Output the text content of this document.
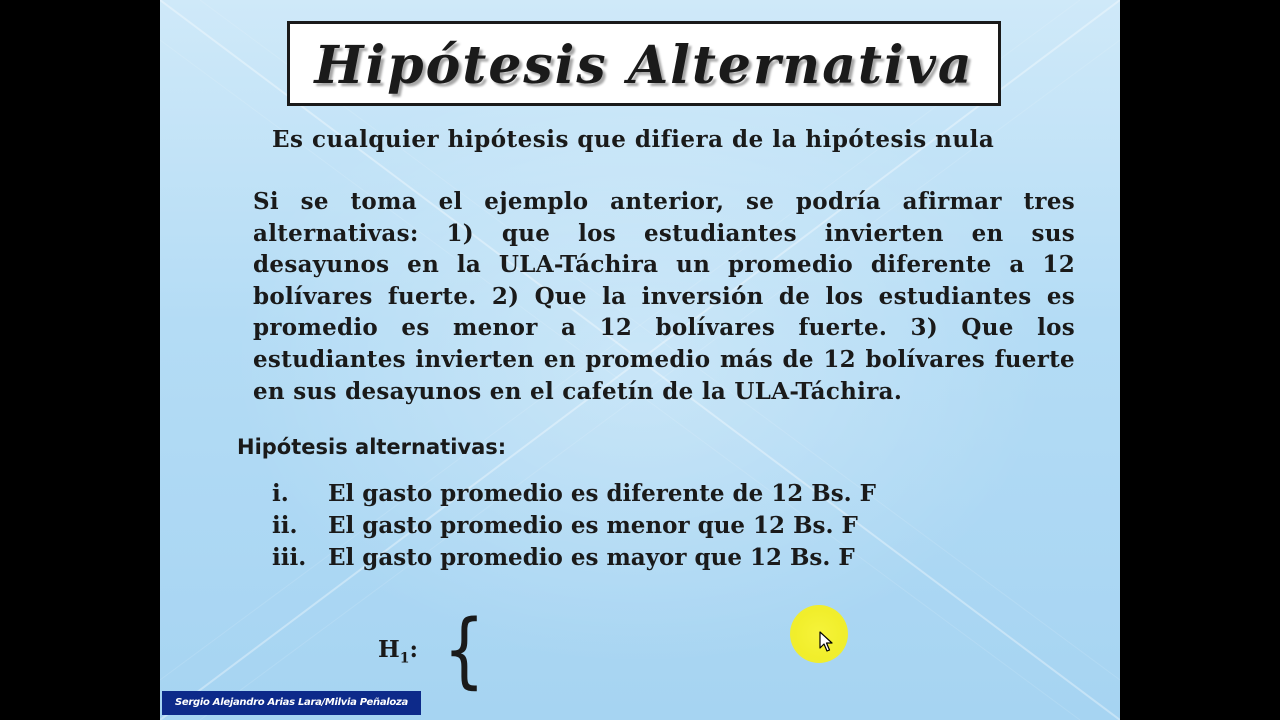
Hipótesis Alternativa
Es cualquier hipótesis que difiera de la hipótesis nula
Si se toma el ejemplo anterior, se podría afirmar tres alternativas: 1) que los estudiantes invierten en sus desayunos en la ULA-Táchira un promedio diferente a 12 bolívares fuerte. 2) Que la inversión de los estudiantes es promedio es menor a 12 bolívares fuerte. 3) Que los estudiantes invierten en promedio más de 12 bolívares fuerte en sus desayunos en el cafetín de la ULA-Táchira.
Hipótesis alternativas:
i.	El gasto promedio es diferente de 12 Bs. F
ii.	El gasto promedio es menor que 12 Bs. F
iii. El gasto promedio es mayor que 12 Bs. F
$H_1$: {
Sergio Alejandro Arias Lara/Milvia Peñaloza
